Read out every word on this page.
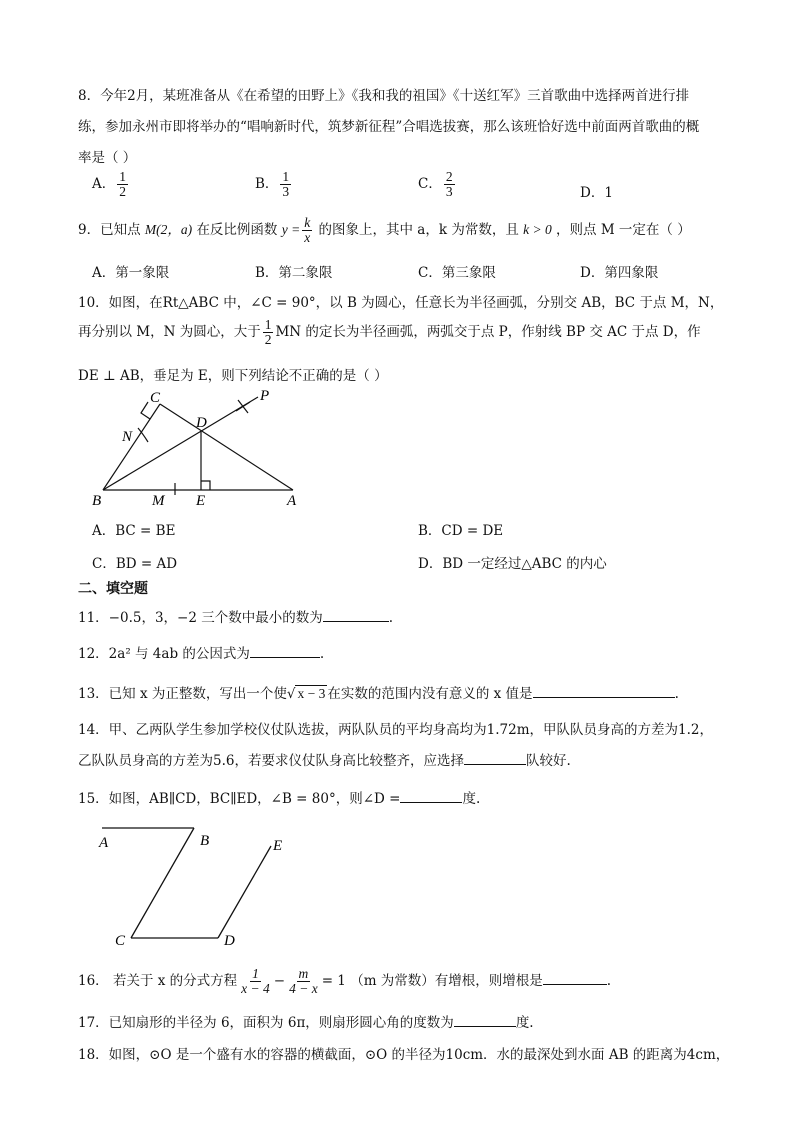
8．今年2月，某班准备从《在希望的田野上》《我和我的祖国》《十送红军》三首歌曲中选择两首进行排
练，参加永州市即将举办的“唱响新时代，筑梦新征程”合唱选拔赛，那么该班恰好选中前面两首歌曲的概
率是（ ）
A． $\frac{1}{2}$	B． $\frac{1}{3}$	C． $\frac{2}{3}$	D．1
9．已知点 M(2，a) 在反比例函数 $y = \frac{k}{x}$ 的图象上，其中 a，k 为常数，且 k > 0 ，则点 M 一定在（ ）
A．第一象限	B．第二象限	C．第三象限	D．第四象限
10．如图，在Rt△ABC 中，∠C = 90°，以 B 为圆心，任意长为半径画弧，分别交 AB，BC 于点 M，N，
再分别以 M，N 为圆心，大于 $\frac{1}{2}$ MN 的定长为半径画弧，两弧交于点 P，作射线 BP 交 AC 于点 D，作
DE ⊥ AB，垂足为 E，则下列结论不正确的是（ ）
C
D
P
N
B	M E	A
A．BC = BE	B．CD = DE
C．BD = AD	D．BD 一定经过△ABC 的内心
二、填空题
11．−0.5，3，−2 三个数中最小的数为	.
12．2a² 与 4ab 的公因式为	.
13．已知 x 为正整数，写出一个使√ x − 3 在实数的范围内没有意义的 x 值是	.
14．甲、乙两队学生参加学校仪仗队选拔，两队队员的平均身高均为1.72m，甲队队员身高的方差为1.2，
乙队队员身高的方差为5.6，若要求仪仗队身高比较整齐，应选择	队较好.
15．如图，AB∥CD，BC∥ED，∠B = 80°，则∠D =	度.
A	B	E
C	D
16． 若关于 x 的分式方程 $\frac{1}{x - 4} - \frac{m}{4 - x} = 1$ （m 为常数）有增根，则增根是	.
17．已知扇形的半径为 6，面积为 6π，则扇形圆心角的度数为	度.
18．如图，⊙O 是一个盛有水的容器的横截面，⊙O 的半径为10cm．水的最深处到水面 AB 的距离为4cm，
